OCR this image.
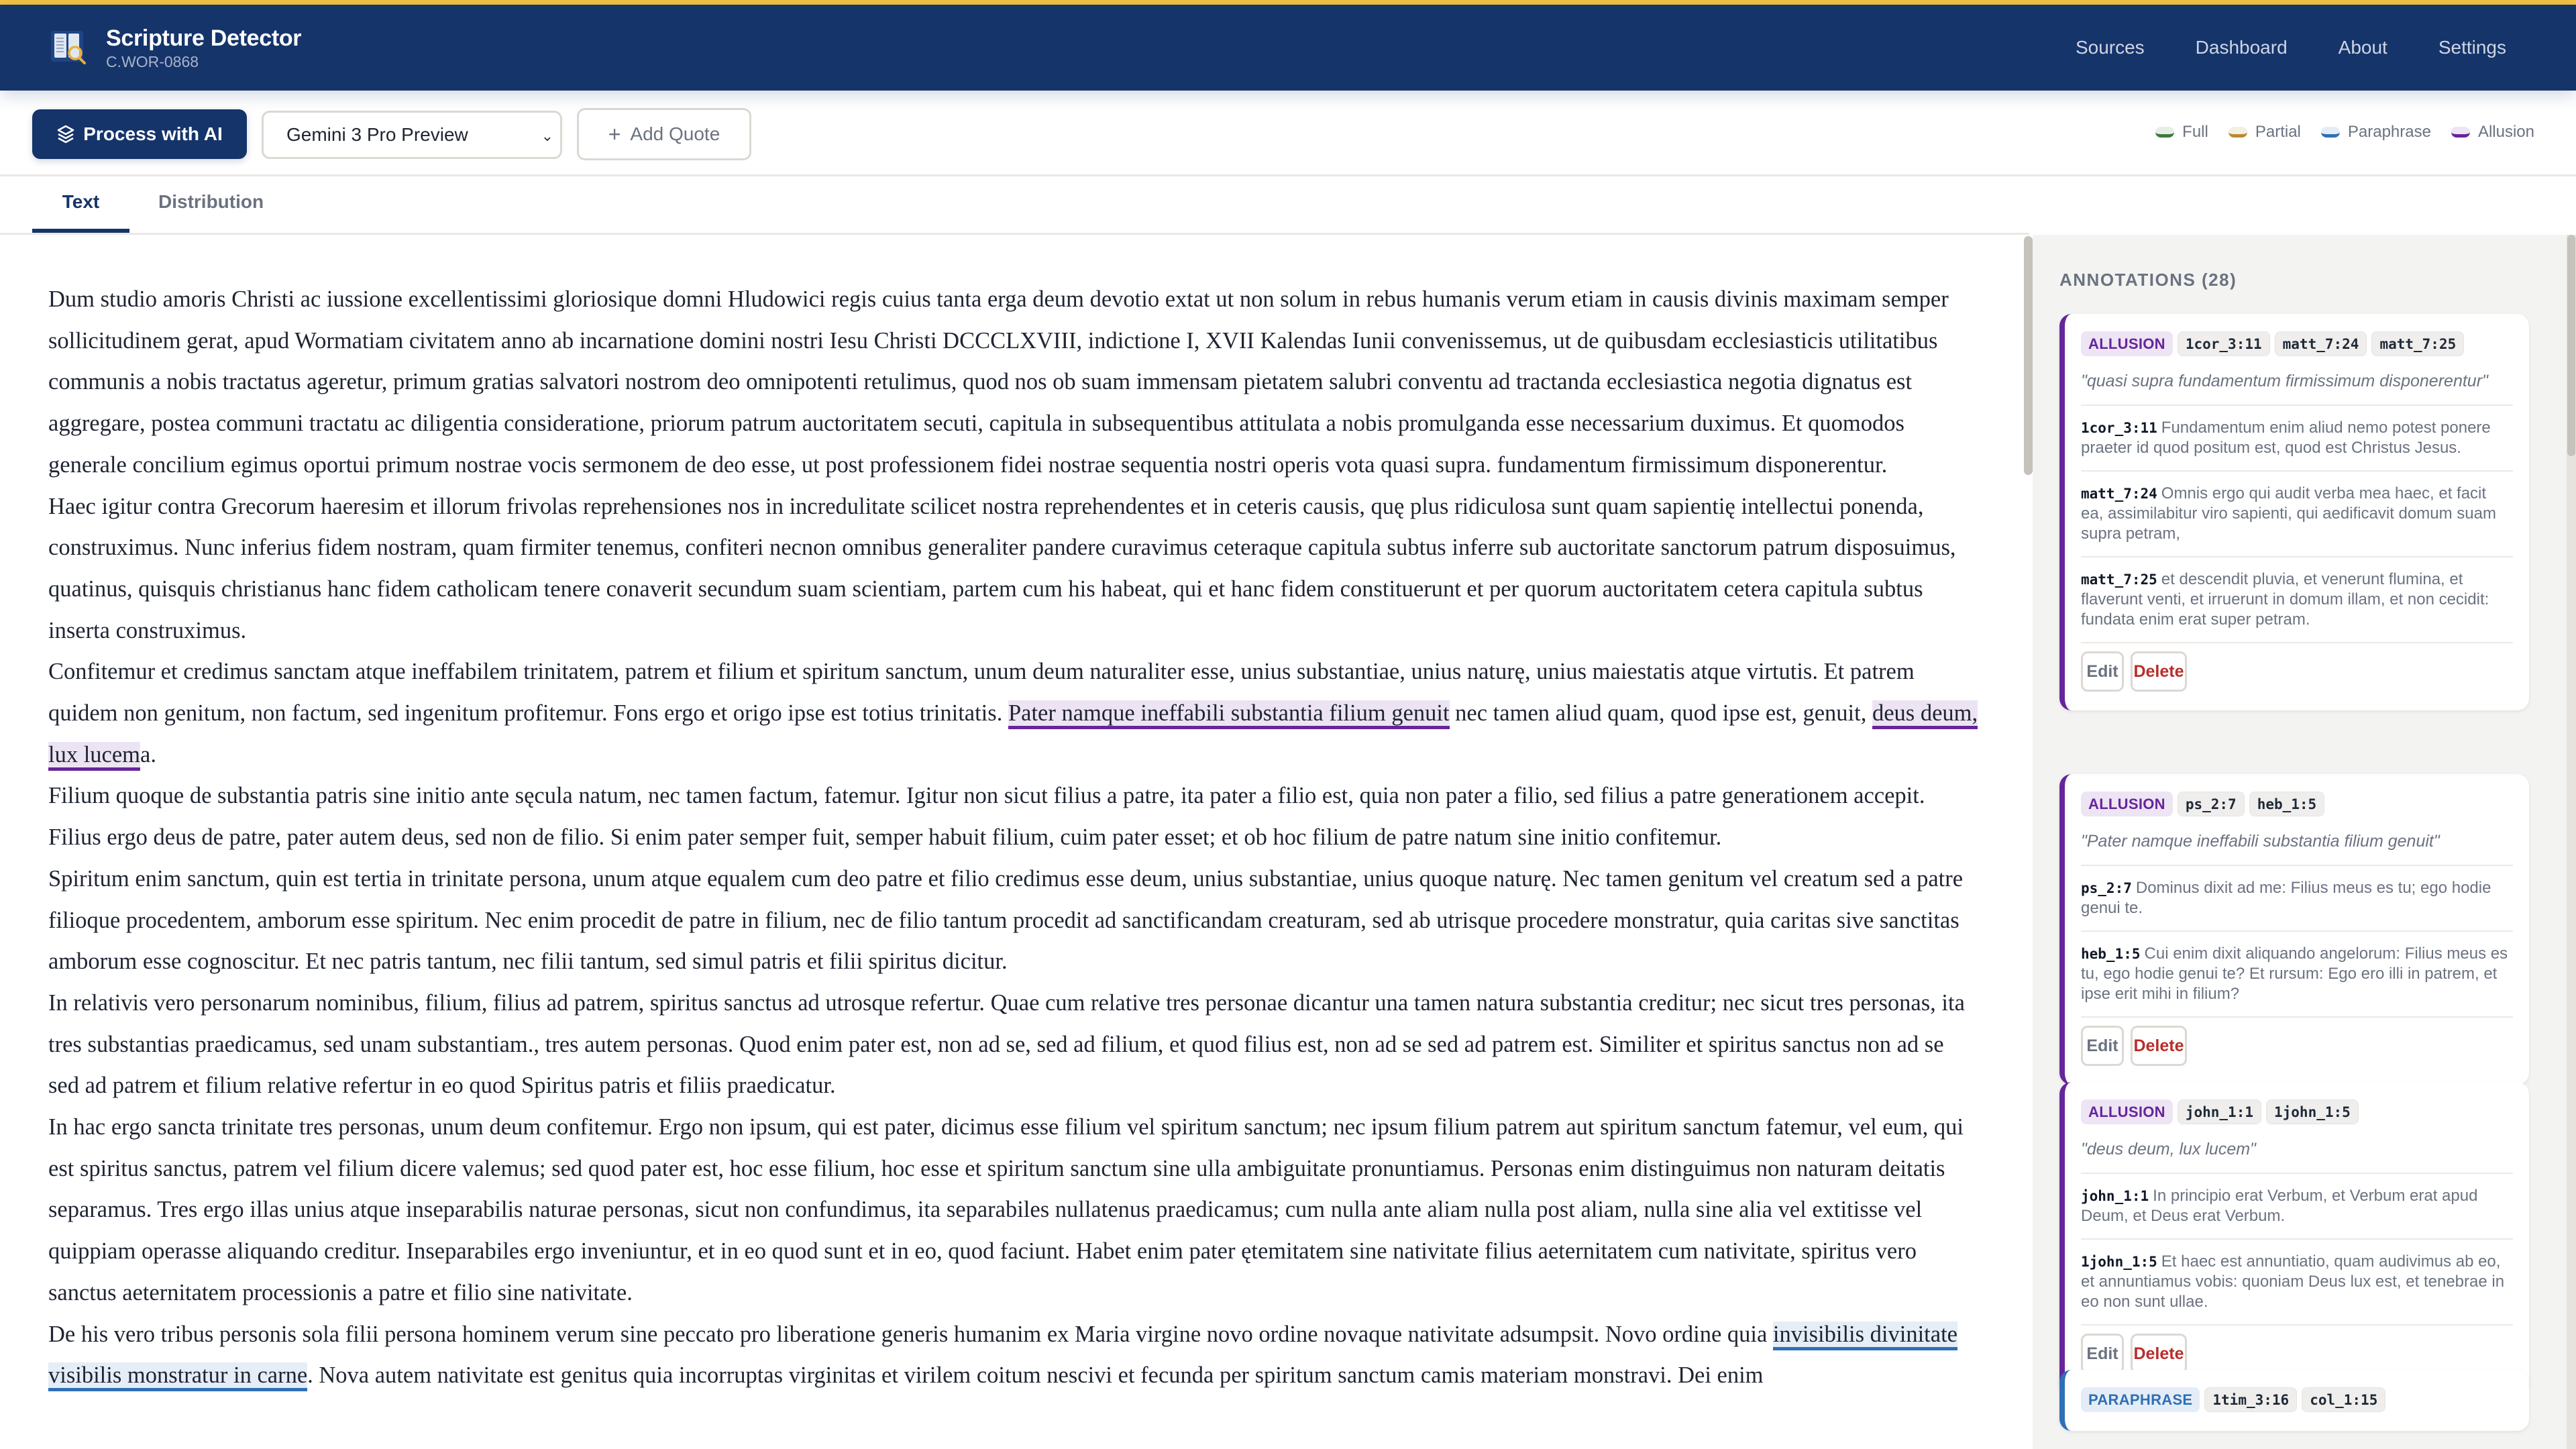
Scripture Detector
C.WOR-0868
Sources	Dashboard	About	Settings
Process with AI	Gemini 3 Pro Preview	⌄	+ Add Quote	Full	Partial	Paraphrase	Allusion
Text	Distribution

Dum studio amoris Christi ac iussione excellentissimi gloriosique domni Hludowici regis cuius tanta erga deum devotio extat ut non solum in rebus humanis verum etiam in causis divinis maximam semper sollicitudinem gerat, apud Wormatiam civitatem anno ab incarnatione domini nostri Iesu Christi DCCCLXVIII, indictione I, XVII Kalendas Iunii convenissemus, ut de quibusdam ecclesiasticis utilitatibus communis a nobis tractatus ageretur, primum gratias salvatori nostrom deo omnipotenti retulimus, quod nos ob suam immensam pietatem salubri conventu ad tractanda ecclesiastica negotia dignatus est aggregare, postea communi tractatu ac diligentia consideratione, priorum patrum auctoritatem secuti, capitula in subsequentibus attitulata a nobis promulganda esse necessarium duximus. Et quomodos generale concilium egimus oportui primum nostrae vocis sermonem de deo esse, ut post professionem fidei nostrae sequentia nostri operis vota quasi supra. fundamentum firmissimum disponerentur.

Haec igitur contra Grecorum haeresim et illorum frivolas reprehensiones nos in incredulitate scilicet nostra reprehendentes et in ceteris causis, quę plus ridiculosa sunt quam sapientię intellectui ponenda, construximus. Nunc inferius fidem nostram, quam firmiter tenemus, confiteri necnon omnibus generaliter pandere curavimus ceteraque capitula subtus inferre sub auctoritate sanctorum patrum disposuimus, quatinus, quisquis christianus hanc fidem catholicam tenere conaverit secundum suam scientiam, partem cum his habeat, qui et hanc fidem constituerunt et per quorum auctoritatem cetera capitula subtus inserta construximus.

Confitemur et credimus sanctam atque ineffabilem trinitatem, patrem et filium et spiritum sanctum, unum deum naturaliter esse, unius substantiae, unius naturę, unius maiestatis atque virtutis. Et patrem quidem non genitum, non factum, sed ingenitum profitemur. Fons ergo et origo ipse est totius trinitatis. Pater namque ineffabili substantia filium genuit nec tamen aliud quam, quod ipse est, genuit, deus deum, lux lucema.

Filium quoque de substantia patris sine initio ante sęcula natum, nec tamen factum, fatemur. Igitur non sicut filius a patre, ita pater a filio est, quia non pater a filio, sed filius a patre generationem accepit. Filius ergo deus de patre, pater autem deus, sed non de filio. Si enim pater semper fuit, semper habuit filium, cuim pater esset; et ob hoc filium de patre natum sine initio confitemur.

Spiritum enim sanctum, quin est tertia in trinitate persona, unum atque equalem cum deo patre et filio credimus esse deum, unius substantiae, unius quoque naturę. Nec tamen genitum vel creatum sed a patre filioque procedentem, amborum esse spiritum. Nec enim procedit de patre in filium, nec de filio tantum procedit ad sanctificandam creaturam, sed ab utrisque procedere monstratur, quia caritas sive sanctitas amborum esse cognoscitur. Et nec patris tantum, nec filii tantum, sed simul patris et filii spiritus dicitur.

In relativis vero personarum nominibus, filium, filius ad patrem, spiritus sanctus ad utrosque refertur. Quae cum relative tres personae dicantur una tamen natura substantia creditur; nec sicut tres personas, ita tres substantias praedicamus, sed unam substantiam., tres autem personas. Quod enim pater est, non ad se, sed ad filium, et quod filius est, non ad se sed ad patrem est. Similiter et spiritus sanctus non ad se sed ad patrem et filium relative refertur in eo quod Spiritus patris et filiis praedicatur.

In hac ergo sancta trinitate tres personas, unum deum confitemur. Ergo non ipsum, qui est pater, dicimus esse filium vel spiritum sanctum; nec ipsum filium patrem aut spiritum sanctum fatemur, vel eum, qui est spiritus sanctus, patrem vel filium dicere valemus; sed quod pater est, hoc esse filium, hoc esse et spiritum sanctum sine ulla ambiguitate pronuntiamus. Personas enim distinguimus non naturam deitatis separamus. Tres ergo illas unius atque inseparabilis naturae personas, sicut non confundimus, ita separabiles nullatenus praedicamus; cum nulla ante aliam nulla post aliam, nulla sine alia vel extitisse vel quippiam operasse aliquando creditur. Inseparabiles ergo inveniuntur, et in eo quod sunt et in eo, quod faciunt. Habet enim pater ętemitatem sine nativitate filius aeternitatem cum nativitate, spiritus vero sanctus aeternitatem processionis a patre et filio sine nativitate.

De his vero tribus personis sola filii persona hominem verum sine peccato pro liberatione generis humanim ex Maria virgine novo ordine novaque nativitate adsumpsit. Novo ordine quia invisibilis divinitate visibilis monstratur in carne. Nova autem nativitate est genitus quia incorruptas virginitas et virilem coitum nescivi et fecunda per spiritum sanctum camis materiam monstravi. Dei enim

ANNOTATIONS (28)
ALLUSION	1cor_3:11	matt_7:24	matt_7:25
"quasi supra fundamentum firmissimum disponerentur"
1cor_3:11 Fundamentum enim aliud nemo potest ponere praeter id quod positum est, quod est Christus Jesus.
matt_7:24 Omnis ergo qui audit verba mea haec, et facit ea, assimilabitur viro sapienti, qui aedificavit domum suam supra petram,
matt_7:25 et descendit pluvia, et venerunt flumina, et flaverunt venti, et irruerunt in domum illam, et non cecidit: fundata enim erat super petram.
Edit Delete
ALLUSION	ps_2:7	heb_1:5
"Pater namque ineffabili substantia filium genuit"
ps_2:7 Dominus dixit ad me: Filius meus es tu; ego hodie genui te.
heb_1:5 Cui enim dixit aliquando angelorum: Filius meus es tu, ego hodie genui te? Et rursum: Ego ero illi in patrem, et ipse erit mihi in filium?
Edit Delete
ALLUSION	john_1:1	1john_1:5
"deus deum, lux lucem"
john_1:1 In principio erat Verbum, et Verbum erat apud Deum, et Deus erat Verbum.
1john_1:5 Et haec est annuntiatio, quam audivimus ab eo, et annuntiamus vobis: quoniam Deus lux est, et tenebrae in eo non sunt ullae.
Edit Delete
PARAPHRASE	1tim_3:16	col_1:15
